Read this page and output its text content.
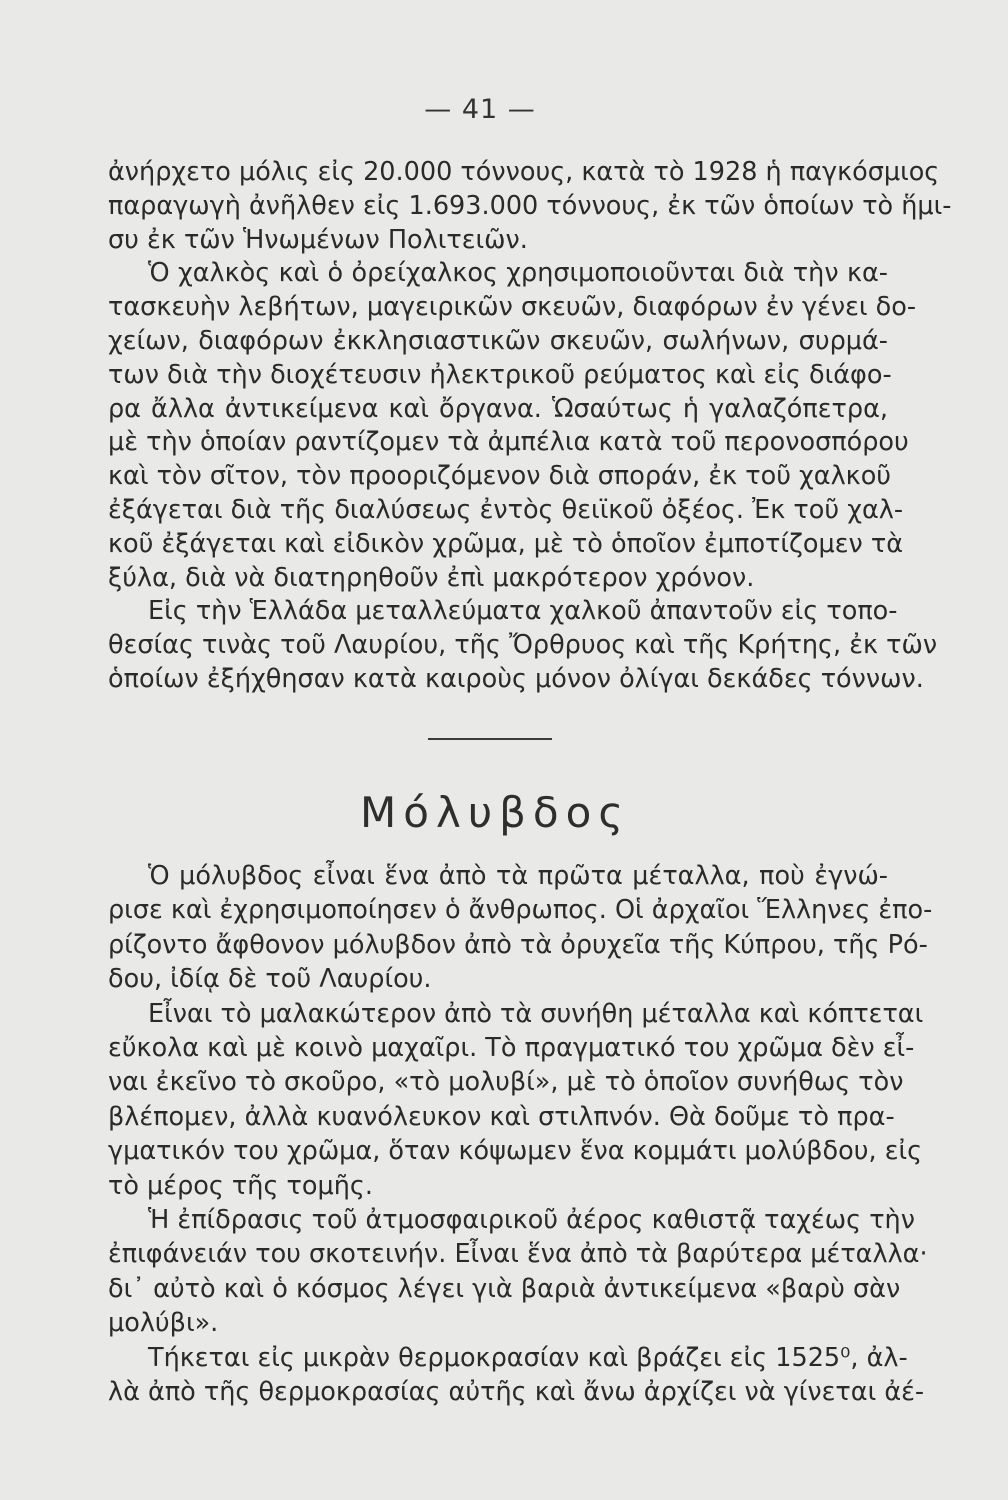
— 41 —
ἀνήρχετο μόλις εἰς 20.000 τόννους, κατὰ τὸ 1928 ἡ παγκόσμιος
παραγωγὴ ἀνῆλθεν εἰς 1.693.000 τόννους, ἐκ τῶν ὁποίων τὸ ἥμι-
συ ἐκ τῶν Ἡνωμένων Πολιτειῶν.
Ὁ χαλκὸς καὶ ὁ ὀρείχαλκος χρησιμοποιοῦνται διὰ τὴν κα-
τασκευὴν λεβήτων, μαγειρικῶν σκευῶν, διαφόρων ἐν γένει δο-
χείων, διαφόρων ἐκκλησιαστικῶν σκευῶν, σωλήνων, συρμά-
των διὰ τὴν διοχέτευσιν ἠλεκτρικοῦ ρεύματος καὶ εἰς διάφο-
ρα ἄλλα ἀντικείμενα καὶ ὄργανα. Ὡσαύτως ἡ γαλαζόπετρα,
μὲ τὴν ὁποίαν ραντίζομεν τὰ ἀμπέλια κατὰ τοῦ περονοσπόρου
καὶ τὸν σῖτον, τὸν προοριζόμενον διὰ σποράν, ἐκ τοῦ χαλκοῦ
ἐξάγεται διὰ τῆς διαλύσεως ἐντὸς θειϊκοῦ ὀξέος. Ἐκ τοῦ χαλ-
κοῦ ἐξάγεται καὶ εἰδικὸν χρῶμα, μὲ τὸ ὁποῖον ἐμποτίζομεν τὰ
ξύλα, διὰ νὰ διατηρηθοῦν ἐπὶ μακρότερον χρόνον.
Εἰς τὴν Ἑλλάδα μεταλλεύματα χαλκοῦ ἀπαντοῦν εἰς τοπο-
θεσίας τινὰς τοῦ Λαυρίου, τῆς Ὄρθρυος καὶ τῆς Κρήτης, ἐκ τῶν
ὁποίων ἐξήχθησαν κατὰ καιροὺς μόνον ὀλίγαι δεκάδες τόννων.
Μόλυβδος
Ὁ μόλυβδος εἶναι ἕνα ἀπὸ τὰ πρῶτα μέταλλα, ποὺ ἐγνώ-
ρισε καὶ ἐχρησιμοποίησεν ὁ ἄνθρωπος. Οἱ ἀρχαῖοι Ἕλληνες ἐπο-
ρίζοντο ἄφθονον μόλυβδον ἀπὸ τὰ ὀρυχεῖα τῆς Κύπρου, τῆς Ρό-
δου, ἰδίᾳ δὲ τοῦ Λαυρίου.
Εἶναι τὸ μαλακώτερον ἀπὸ τὰ συνήθη μέταλλα καὶ κόπτεται
εὔκολα καὶ μὲ κοινὸ μαχαῖρι. Τὸ πραγματικό του χρῶμα δὲν εἶ-
ναι ἐκεῖνο τὸ σκοῦρο, «τὸ μολυβί», μὲ τὸ ὁποῖον συνήθως τὸν
βλέπομεν, ἀλλὰ κυανόλευκον καὶ στιλπνόν. Θὰ δοῦμε τὸ πρα-
γματικόν του χρῶμα, ὅταν κόψωμεν ἕνα κομμάτι μολύβδου, εἰς
τὸ μέρος τῆς τομῆς.
Ἡ ἐπίδρασις τοῦ ἀτμοσφαιρικοῦ ἀέρος καθιστᾷ ταχέως τὴν
ἐπιφάνειάν του σκοτεινήν. Εἶναι ἕνα ἀπὸ τὰ βαρύτερα μέταλλα·
δι᾽ αὐτὸ καὶ ὁ κόσμος λέγει γιὰ βαριὰ ἀντικείμενα «βαρὺ σὰν
μολύβι».
Τήκεται εἰς μικρὰν θερμοκρασίαν καὶ βράζει εἰς 1525⁰, ἀλ-
λὰ ἀπὸ τῆς θερμοκρασίας αὐτῆς καὶ ἄνω ἀρχίζει νὰ γίνεται ἀέ-
